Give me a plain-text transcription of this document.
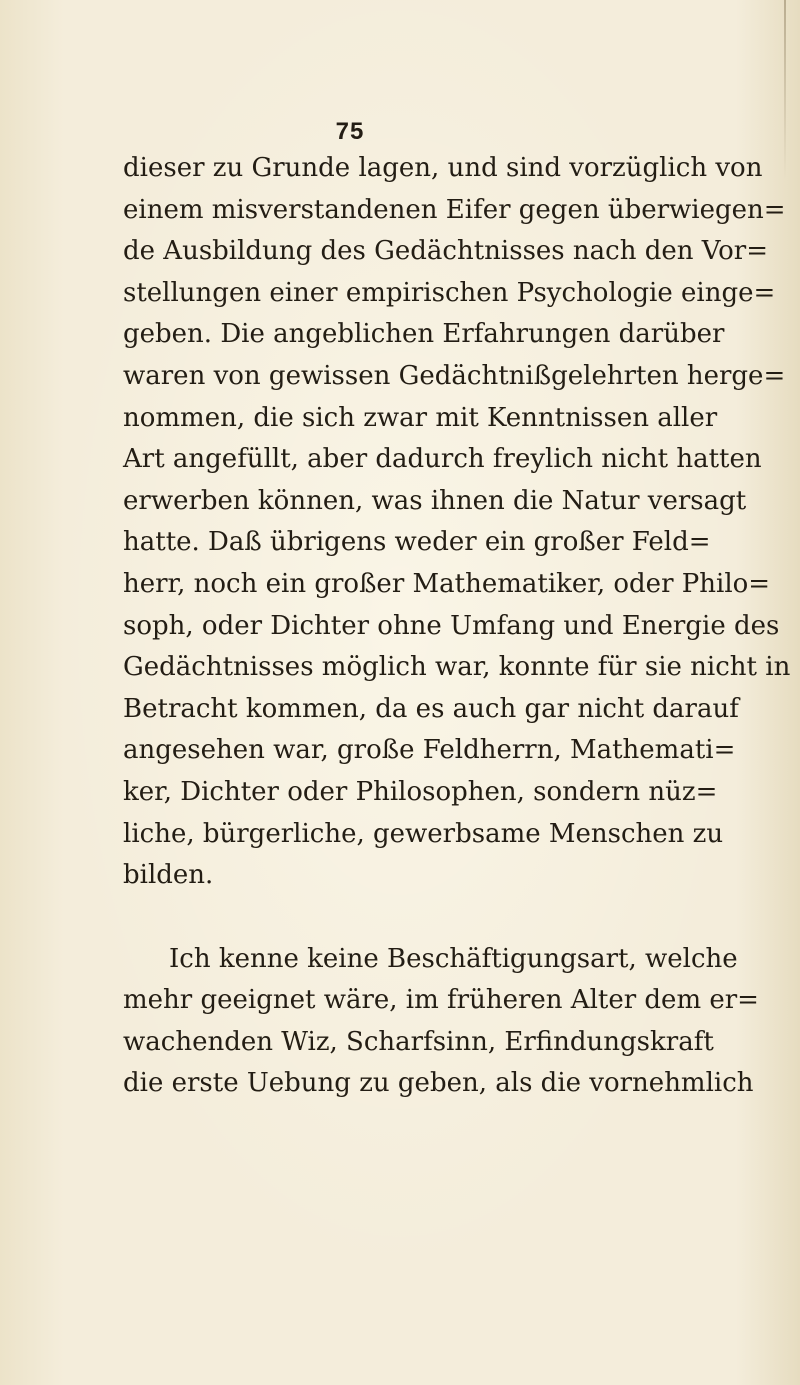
75
dieser zu Grunde lagen, und sind vorzüglich von
einem misverstandenen Eifer gegen überwiegen=
de Ausbildung des Gedächtnisses nach den Vor=
stellungen einer empirischen Psychologie einge=
geben. Die angeblichen Erfahrungen darüber
waren von gewissen Gedächtnißgelehrten herge=
nommen, die sich zwar mit Kenntnissen aller
Art angefüllt, aber dadurch freylich nicht hatten
erwerben können, was ihnen die Natur versagt
hatte. Daß übrigens weder ein großer Feld=
herr, noch ein großer Mathematiker, oder Philo=
soph, oder Dichter ohne Umfang und Energie des
Gedächtnisses möglich war, konnte für sie nicht in
Betracht kommen, da es auch gar nicht darauf
angesehen war, große Feldherrn, Mathemati=
ker, Dichter oder Philosophen, sondern nüz=
liche, bürgerliche, gewerbsame Menschen zu
bilden.
Ich kenne keine Beschäftigungsart, welche
mehr geeignet wäre, im früheren Alter dem er=
wachenden Wiz, Scharfsinn, Erfindungskraft
die erste Uebung zu geben, als die vornehmlich
